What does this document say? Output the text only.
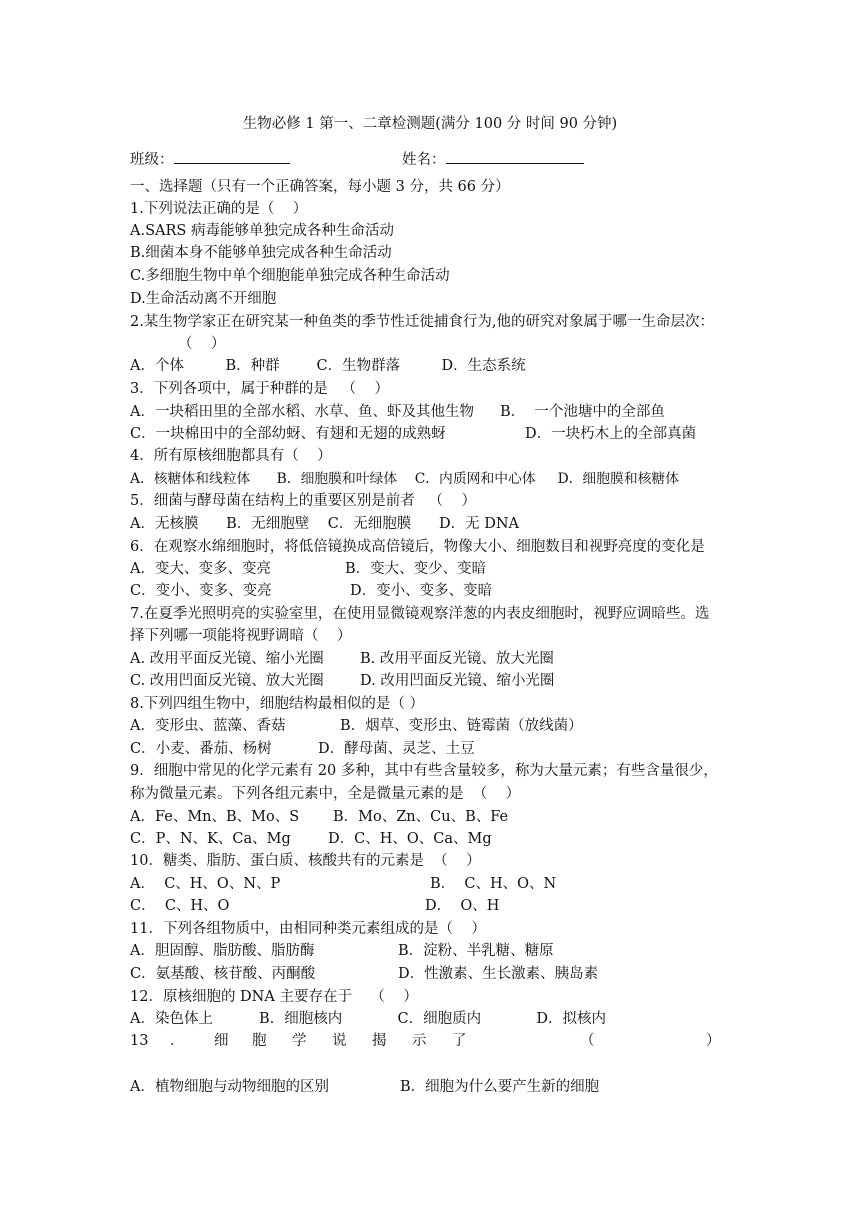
生物必修 1 第一、二章检测题(满分 100 分 时间 90 分钟)
班级：	姓名：
一、选择题（只有一个正确答案，每小题 3 分，共 66 分）
1.下列说法正确的是（    ）
A.SARS 病毒能够单独完成各种生命活动
B.细菌本身不能够单独完成各种生命活动
C.多细胞生物中单个细胞能单独完成各种生命活动
D.生命活动离不开细胞
2.某生物学家正在研究某一种鱼类的季节性迁徙捕食行为,他的研究对象属于哪一生命层次：
（    ）
A．个体         B．种群        C．生物群落         D．生态系统
3．下列各项中，属于种群的是   （    ）
A．一块稻田里的全部水稻、水草、鱼、虾及其他生物 B．  一个池塘中的全部鱼
C．一块棉田中的全部幼蚜、有翅和无翅的成熟蚜	D．一块朽木上的全部真菌
4．所有原核细胞都具有（    ）
A．核糖体和线粒体      B．细胞膜和叶绿体    C．内质网和中心体     D．细胞膜和核糖体
5．细菌与酵母菌在结构上的重要区别是前者   （    ）
A．无核膜      B．无细胞壁    C．无细胞膜      D．无 DNA
6．在观察水绵细胞时，将低倍镜换成高倍镜后，物像大小、细胞数目和视野亮度的变化是
A．变大、变多、变亮	B．变大、变少、变暗
C．变小、变多、变亮	D．变小、变多、变暗
7.在夏季光照明亮的实验室里，在使用显微镜观察洋葱的内表皮细胞时，视野应调暗些。选
择下列哪一项能将视野调暗（    ）
A. 改用平面反光镜、缩小光圈	B. 改用平面反光镜、放大光圈
C. 改用凹面反光镜、放大光圈 D. 改用凹面反光镜、缩小光圈
8.下列四组生物中，细胞结构最相似的是（ ）
A．变形虫、蓝藻、香菇	B．烟草、变形虫、链霉菌（放线菌）
C．小麦、番茄、杨树	D．酵母菌、灵芝、土豆
9．细胞中常见的化学元素有 20 多种，其中有些含量较多，称为大量元素；有些含量很少，
称为微量元素。下列各组元素中，全是微量元素的是  （    ）
A．Fe、Mn、B、Mo、S B．Mo、Zn、Cu、B、Fe
C．P、N、K、Ca、Mg	D．C、H、O、Ca、Mg
10．糖类、脂肪、蛋白质、核酸共有的元素是  （    ）
A．  C、H、O、N、P	B．  C、H、O、N
C．  C、H、O	D．  O、H
11．下列各组物质中，由相同种类元素组成的是（    ）
A．胆固醇、脂肪酸、脂肪酶	B．淀粉、半乳糖、糖原
C．氨基酸、核苷酸、丙酮酸	D．性激素、生长激素、胰岛素
12．原核细胞的 DNA 主要存在于    （    ）
A．染色体上          B．细胞核内            C．细胞质内            D．拟核内
13 ． 细 胞 学 说 揭 示 了	（	）
A．植物细胞与动物细胞的区别	B．细胞为什么要产生新的细胞
